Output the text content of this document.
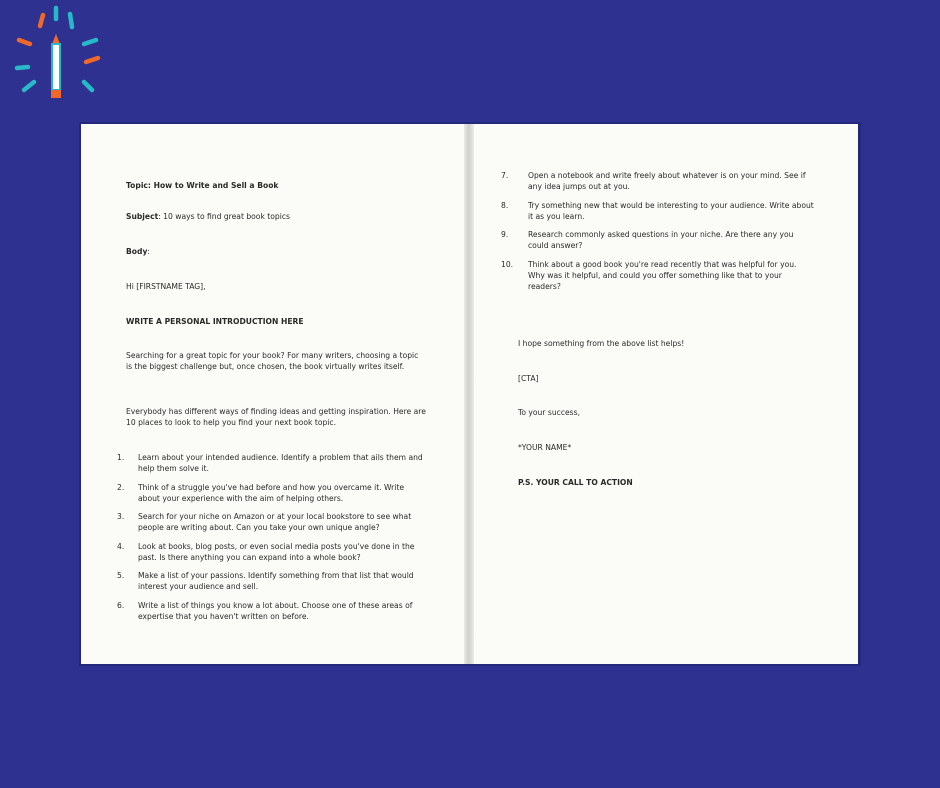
Topic: How to Write and Sell a Book

Subject: 10 ways to find great book topics

Body:

Hi [FIRSTNAME TAG],

WRITE A PERSONAL INTRODUCTION HERE

Searching for a great topic for your book? For many writers, choosing a topic is the biggest challenge but, once chosen, the book virtually writes itself.

Everybody has different ways of finding ideas and getting inspiration. Here are 10 places to look to help you find your next book topic.

1.	Learn about your intended audience. Identify a problem that ails them and help them solve it.
2.	Think of a struggle you've had before and how you overcame it. Write about your experience with the aim of helping others.
3.	Search for your niche on Amazon or at your local bookstore to see what people are writing about. Can you take your own unique angle?
4.	Look at books, blog posts, or even social media posts you've done in the past. Is there anything you can expand into a whole book?
5.	Make a list of your passions. Identify something from that list that would interest your audience and sell.
6.	Write a list of things you know a lot about. Choose one of these areas of expertise that you haven't written on before.
7.	Open a notebook and write freely about whatever is on your mind. See if any idea jumps out at you.
8.	Try something new that would be interesting to your audience. Write about it as you learn.
9.	Research commonly asked questions in your niche. Are there any you could answer?
10. Think about a good book you're read recently that was helpful for you. Why was it helpful, and could you offer something like that to your readers?

I hope something from the above list helps!

[CTA]

To your success,

*YOUR NAME*

P.S. YOUR CALL TO ACTION
